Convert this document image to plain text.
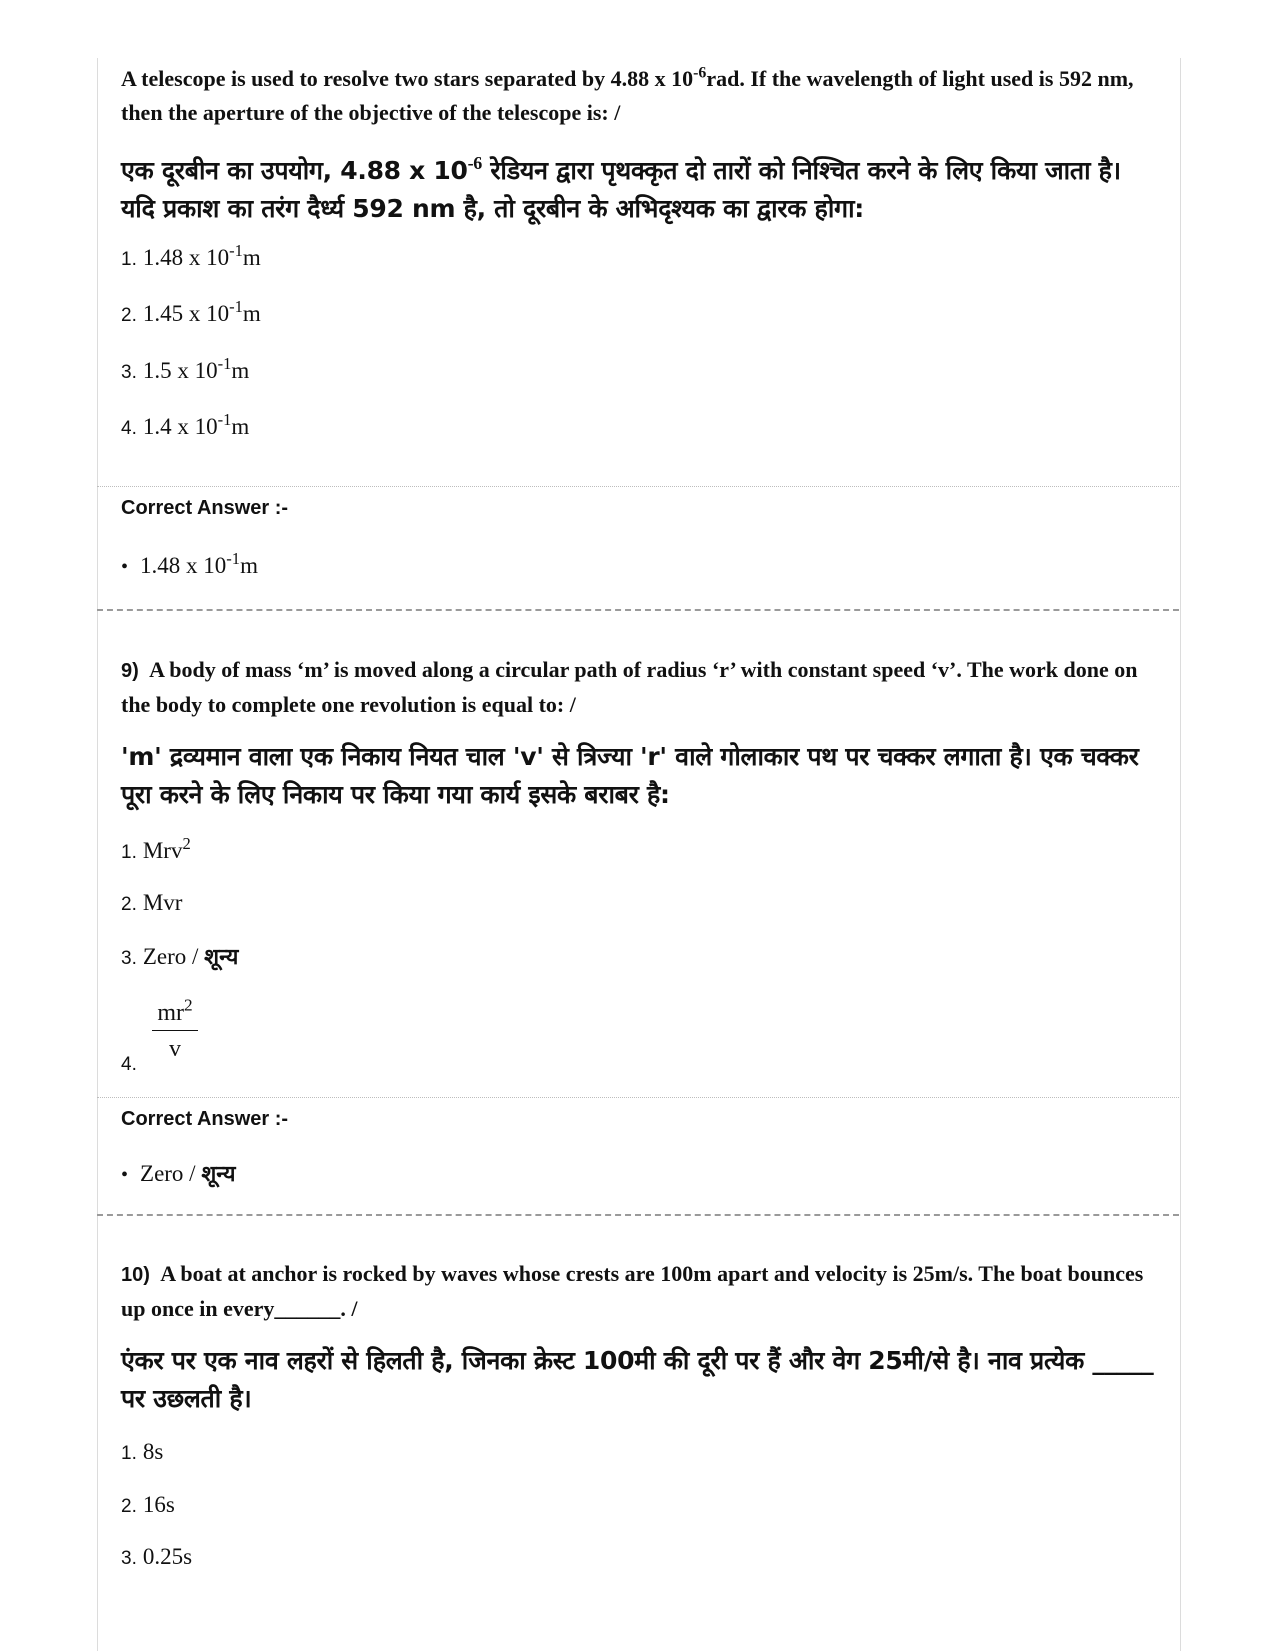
A telescope is used to resolve two stars separated by 4.88 x $10^{-6}rad$. If the wavelength of light used is 592 nm, then the aperture of the objective of the telescope is: /
एक दूरबीन का उपयोग, 4.88 x $10^{-6}$ रेडियन द्वारा पृथक्कृत दो तारों को निश्चित करने के लिए किया जाता है। यदि प्रकाश का तरंग दैर्ध्य 592 nm है, तो दूरबीन के अभिदृश्यक का द्वारक होगा:
1. 1.48 x $10^{-1}m$
2. 1.45 x $10^{-1}m$
3. 1.5 x $10^{-1}m$
4. 1.4 x $10^{-1}m$
Correct Answer :-
• 1.48 x $10^{-1}m$
9) A body of mass ‘m’ is moved along a circular path of radius ‘r’ with constant speed ‘v’. The work done on the body to complete one revolution is equal to: /
'm' द्रव्यमान वाला एक निकाय नियत चाल 'v' से त्रिज्या 'r' वाले गोलाकार पथ पर चक्कर लगाता है। एक चक्कर पूरा करने के लिए निकाय पर किया गया कार्य इसके बराबर है:
1. Mrv$^2$
2. Mvr
3. Zero / शून्य
4.
$mr^2$
v
Correct Answer :-
• Zero / शून्य
10) A boat at anchor is rocked by waves whose crests are 100m apart and velocity is 25m/s. The boat bounces up once in every______. /
एंकर पर एक नाव लहरों से हिलती है, जिनका क्रेस्ट 100मी की दूरी पर हैं और वेग 25मी/से है। नाव प्रत्येक _____ पर उछलती है।
1. 8s
2. 16s
3. 0.25s
